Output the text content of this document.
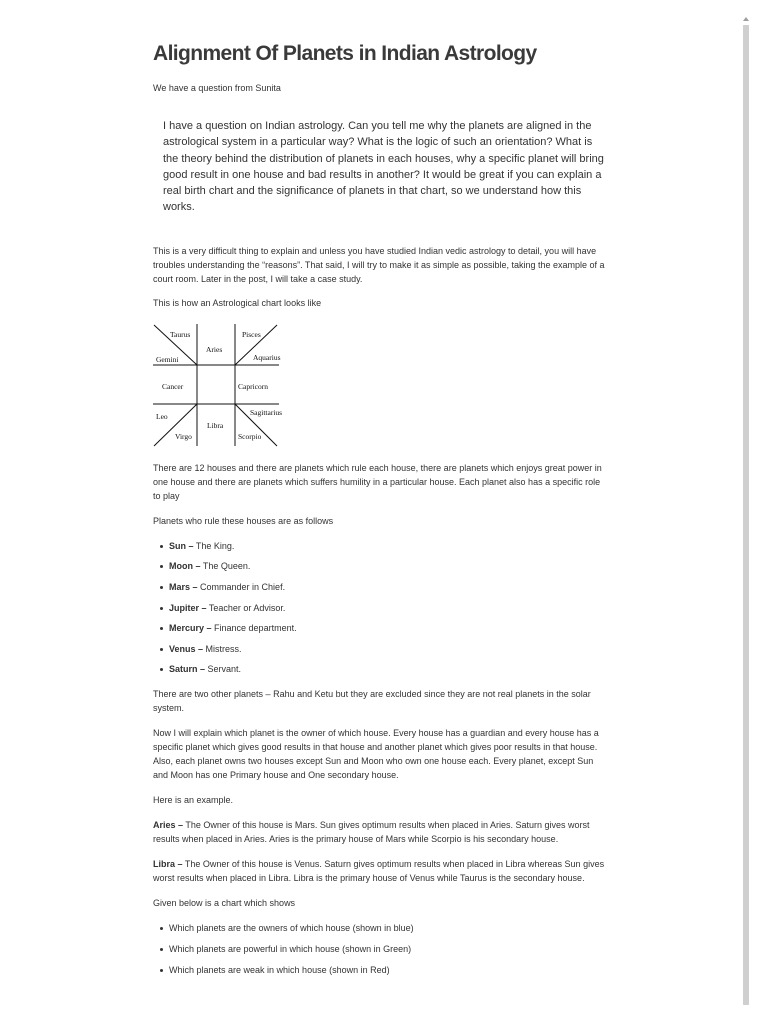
Alignment Of Planets in Indian Astrology

We have a question from Sunita

I have a question on Indian astrology. Can you tell me why the planets are aligned in the astrological system in a particular way? What is the logic of such an orientation? What is the theory behind the distribution of planets in each houses, why a specific planet will bring good result in one house and bad results in another? It would be great if you can explain a real birth chart and the significance of planets in that chart, so we understand how this works.

This is a very difficult thing to explain and unless you have studied Indian vedic astrology to detail, you will have troubles understanding the “reasons”. That said, I will try to make it as simple as possible, taking the example of a court room. Later in the post, I will take a case study.

This is how an Astrological chart looks like

Taurus	Pisces
Aries
Gemini	Aquarius
Cancer	Capricorn
Leo	Sagittarius
Libra
Virgo	Scorpio

There are 12 houses and there are planets which rule each house, there are planets which enjoys great power in one house and there are planets which suffers humility in a particular house. Each planet also has a specific role to play

Planets who rule these houses are as follows

Sun – The King.
Moon – The Queen.
Mars – Commander in Chief.
Jupiter – Teacher or Advisor.
Mercury – Finance department.
Venus – Mistress.
Saturn – Servant.

There are two other planets – Rahu and Ketu but they are excluded since they are not real planets in the solar system.

Now I will explain which planet is the owner of which house. Every house has a guardian and every house has a specific planet which gives good results in that house and another planet which gives poor results in that house. Also, each planet owns two houses except Sun and Moon who own one house each. Every planet, except Sun and Moon has one Primary house and One secondary house.

Here is an example.

Aries – The Owner of this house is Mars. Sun gives optimum results when placed in Aries. Saturn gives worst results when placed in Aries. Aries is the primary house of Mars while Scorpio is his secondary house.

Libra – The Owner of this house is Venus. Saturn gives optimum results when placed in Libra whereas Sun gives worst results when placed in Libra. Libra is the primary house of Venus while Taurus is the secondary house.

Given below is a chart which shows

Which planets are the owners of which house (shown in blue)
Which planets are powerful in which house (shown in Green)
Which planets are weak in which house (shown in Red)
